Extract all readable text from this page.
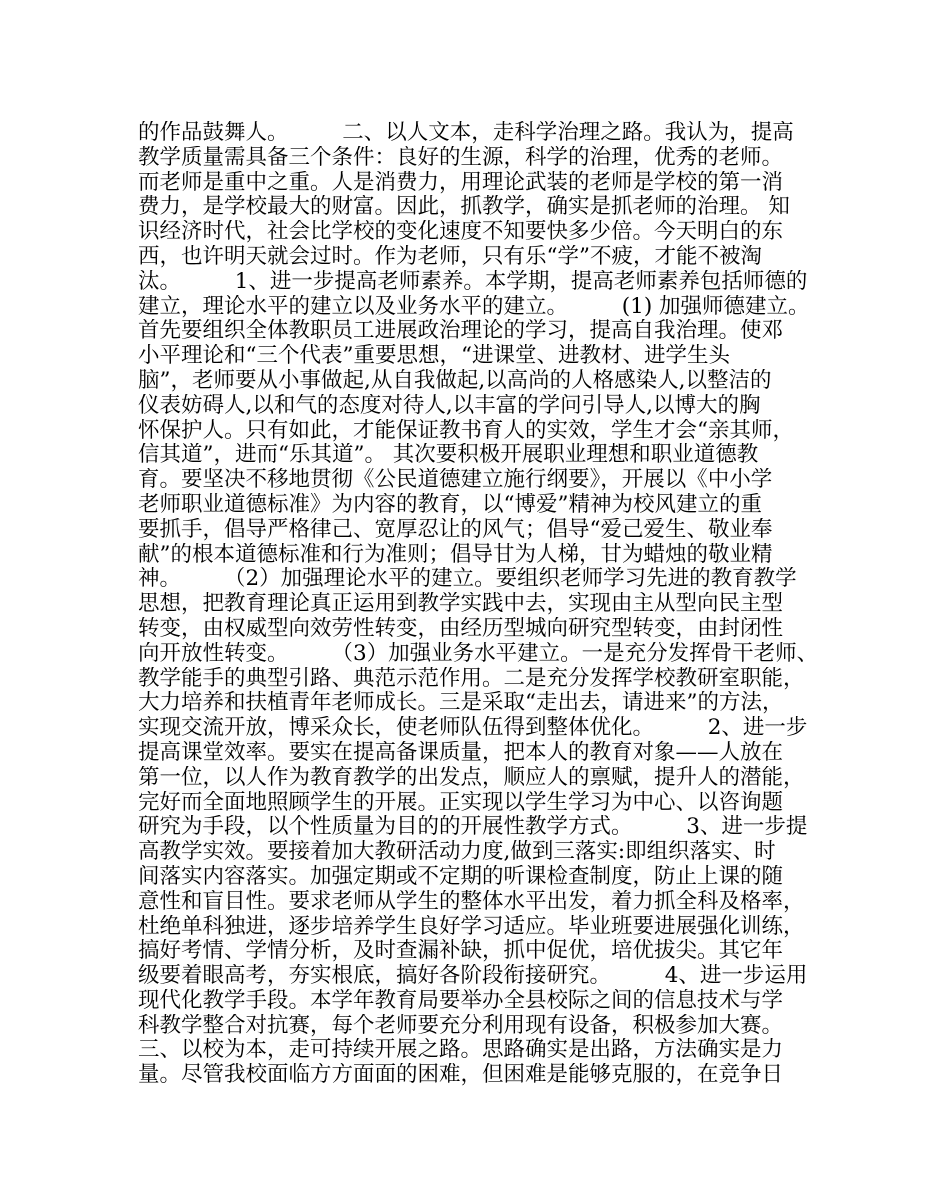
的作品鼓舞人。　　　二、以人文本，走科学治理之路。我认为，提高
教学质量需具备三个条件：良好的生源，科学的治理，优秀的老师。
而老师是重中之重。人是消费力，用理论武装的老师是学校的第一消
费力，是学校最大的财富。因此，抓教学，确实是抓老师的治理。 知
识经济时代，社会比学校的变化速度不知要快多少倍。今天明白的东
西，也许明天就会过时。作为老师，只有乐“学”不疲，才能不被淘
汰。　　　1、进一步提高老师素养。本学期，提高老师素养包括师德的
建立，理论水平的建立以及业务水平的建立。　　　(1) 加强师德建立。
首先要组织全体教职员工进展政治理论的学习，提高自我治理。使邓
小平理论和“三个代表”重要思想，“进课堂、进教材、进学生头
脑”，老师要从小事做起,从自我做起,以高尚的人格感染人,以整洁的
仪表妨碍人,以和气的态度对待人,以丰富的学问引导人,以博大的胸
怀保护人。只有如此，才能保证教书育人的实效，学生才会“亲其师，
信其道”，进而“乐其道”。 其次要积极开展职业理想和职业道德教
育。要坚决不移地贯彻《公民道德建立施行纲要》，开展以《中小学
老师职业道德标准》为内容的教育，以“博爱”精神为校风建立的重
要抓手，倡导严格律己、宽厚忍让的风气；倡导“爱己爱生、敬业奉
献”的根本道德标准和行为准则；倡导甘为人梯，甘为蜡烛的敬业精
神。　　　（2）加强理论水平的建立。要组织老师学习先进的教育教学
思想，把教育理论真正运用到教学实践中去，实现由主从型向民主型
转变，由权威型向效劳性转变，由经历型城向研究型转变，由封闭性
向开放性转变。　　　（3）加强业务水平建立。一是充分发挥骨干老师、
教学能手的典型引路、典范示范作用。二是充分发挥学校教研室职能，
大力培养和扶植青年老师成长。三是采取“走出去，请进来”的方法，
实现交流开放，博采众长，使老师队伍得到整体优化。　　　2、进一步
提高课堂效率。要实在提高备课质量，把本人的教育对象——人放在
第一位，以人作为教育教学的出发点，顺应人的禀赋，提升人的潜能，
完好而全面地照顾学生的开展。正实现以学生学习为中心、以咨询题
研究为手段，以个性质量为目的的开展性教学方式。　　　3、进一步提
高教学实效。要接着加大教研活动力度,做到三落实:即组织落实、时
间落实内容落实。加强定期或不定期的听课检查制度，防止上课的随
意性和盲目性。要求老师从学生的整体水平出发，着力抓全科及格率，
杜绝单科独进，逐步培养学生良好学习适应。毕业班要进展强化训练，
搞好考情、学情分析，及时查漏补缺，抓中促优，培优拔尖。其它年
级要着眼高考，夯实根底，搞好各阶段衔接研究。　　　4、进一步运用
现代化教学手段。本学年教育局要举办全县校际之间的信息技术与学
科教学整合对抗赛，每个老师要充分利用现有设备，积极参加大赛。
三、以校为本，走可持续开展之路。思路确实是出路，方法确实是力
量。尽管我校面临方方面面的困难，但困难是能够克服的，在竞争日
